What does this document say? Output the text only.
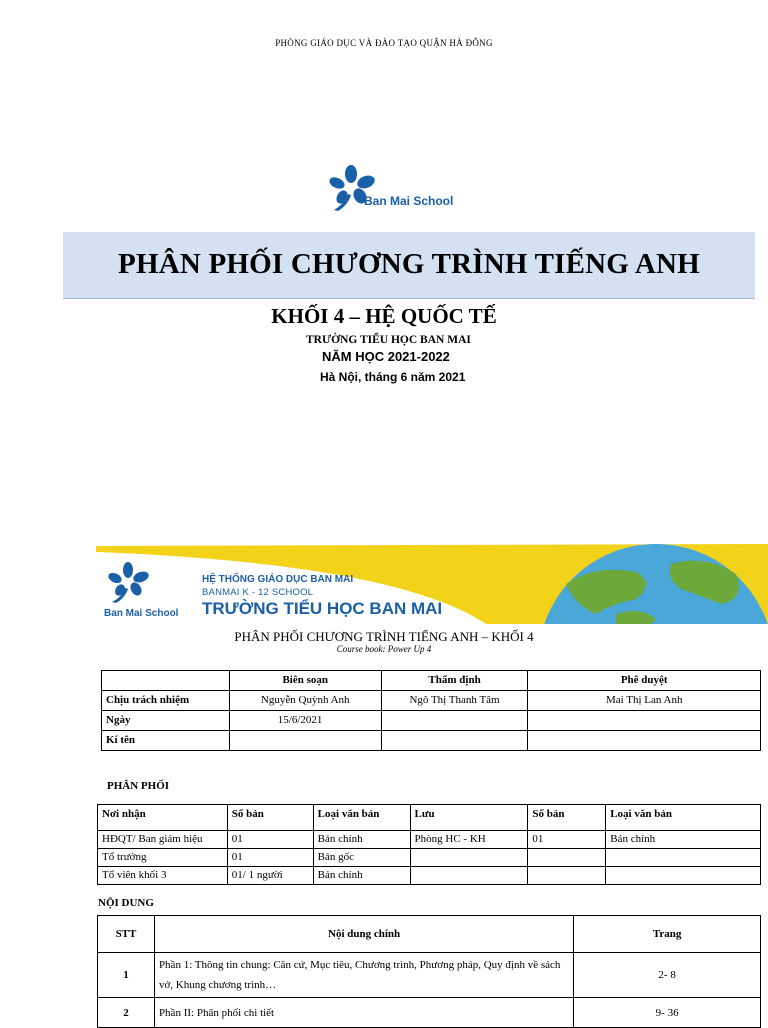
PHÒNG GIÁO DỤC VÀ ĐÀO TẠO QUẬN HÀ ĐÔNG
Ban Mai School
PHÂN PHỐI CHƯƠNG TRÌNH TIẾNG ANH
KHỐI 4 – HỆ QUỐC TẾ
TRƯỜNG TIỂU HỌC BAN MAI
NĂM HỌC 2021-2022
Hà Nội, tháng 6 năm 2021
Ban Mai School
HỆ THỐNG GIÁO DỤC BAN MAI
BANMAI K - 12 SCHOOL
TRƯỜNG TIỂU HỌC BAN MAI
PHÂN PHỐI CHƯƠNG TRÌNH TIẾNG ANH – KHỐI 4
Course book: Power Up 4
	Biên soạn	Thẩm định	Phê duyệt
Chịu trách nhiệm	Nguyễn Quỳnh Anh	Ngô Thị Thanh Tâm	Mai Thị Lan Anh
Ngày	15/6/2021		
Kí tên			
PHÂN PHỐI
Nơi nhận	Số bản	Loại văn bản	Lưu	Số bản	Loại văn bản
HĐQT/ Ban giám hiệu	01	Bản chính	Phòng HC - KH	01	Bản chính
Tổ trưởng	01	Bản gốc			
Tổ viên khối 3	01/ 1 người	Bản chính			
NỘI DUNG
STT	Nội dung chính	Trang
1	Phần 1: Thông tin chung: Căn cứ, Mục tiêu, Chương trình, Phương pháp, Quy định về sách vở, Khung chương trình…	2- 8
2	Phần II: Phân phối chi tiết	9- 36
